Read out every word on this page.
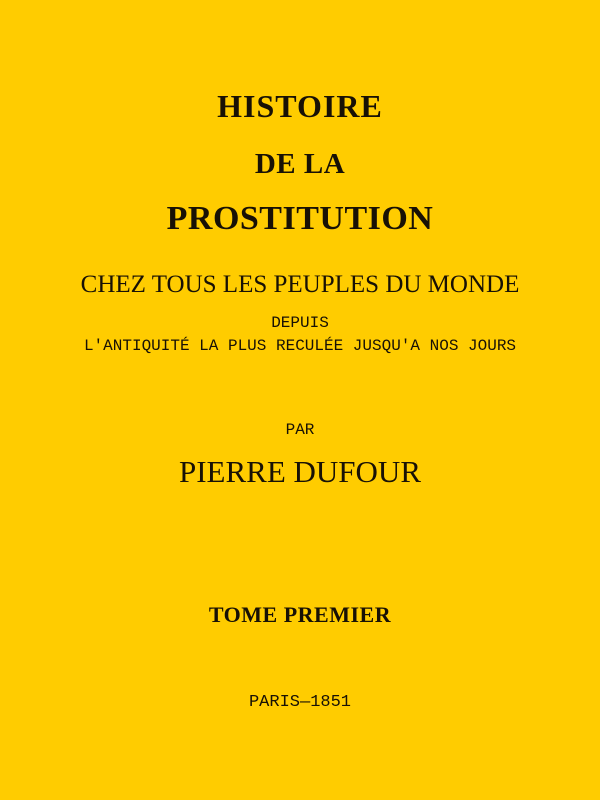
HISTOIRE
DE LA
PROSTITUTION
CHEZ TOUS LES PEUPLES DU MONDE
DEPUIS
L'ANTIQUITÉ LA PLUS RECULÉE JUSQU'A NOS JOURS
PAR
PIERRE DUFOUR
TOME PREMIER
PARIS—1851
